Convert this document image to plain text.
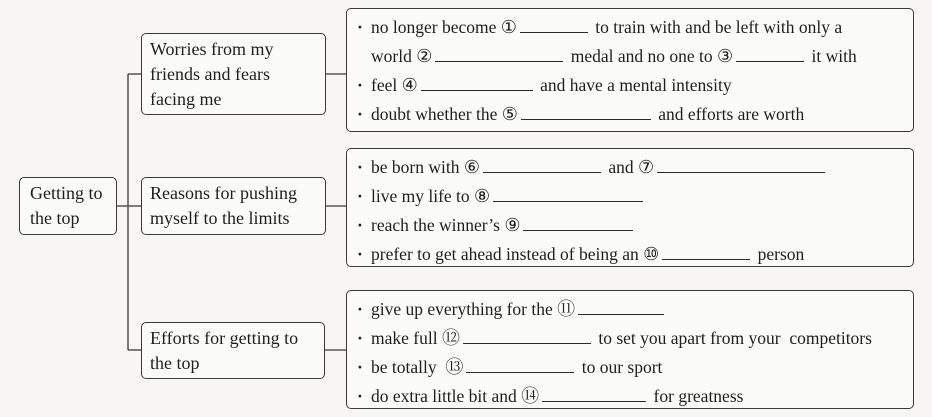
Getting to
the top
Worries from my
friends and fears
facing me
Reasons for pushing
myself to the limits
Efforts for getting to
the top
· no longer become ①	to train with and be left with only a
world ②	medal and no one to ③	it with
· feel ④	and have a mental intensity
· doubt whether the ⑤	and efforts are worth
· be born with ⑥	and ⑦
· live my life to ⑧
· reach the winner’s ⑨
· prefer to get ahead instead of being an ⑩	person
· give up everything for the ⑪
· make full ⑫	to set you apart from your  competitors
· be totally  ⑬	to our sport
· do extra little bit and ⑭	for greatness
